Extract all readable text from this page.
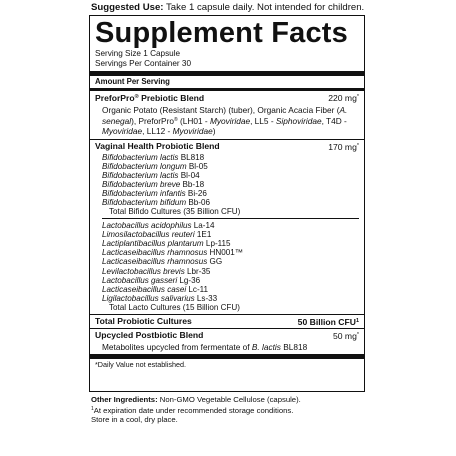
Suggested Use: Take 1 capsule daily. Not intended for children.
Supplement Facts
Serving Size 1 Capsule
Servings Per Container 30
Amount Per Serving
PreforPro® Prebiotic Blend	220 mg*
Organic Potato (Resistant Starch) (tuber), Organic Acacia Fiber (A. senegal), PreforPro® (LH01 - Myoviridae, LL5 - Siphoviridae, T4D - Myoviridae, LL12 - Myoviridae)
Vaginal Health Probiotic Blend	170 mg*
Bifidobacterium lactis BL818
Bifidobacterium longum Bl-05
Bifidobacterium lactis Bl-04
Bifidobacterium breve Bb-18
Bifidobacterium infantis Bi-26
Bifidobacterium bifidum Bb-06
Total Bifido Cultures (35 Billion CFU)
Lactobacillus acidophilus La-14
Limosilactobacillus reuteri 1E1
Lactiplantibacillus plantarum Lp-115
Lacticaseibacillus rhamnosus HN001™
Lacticaseibacillus rhamnosus GG
Levilactobacillus brevis Lbr-35
Lactobacillus gasseri Lg-36
Lacticaseibacillus casei Lc-11
Ligilactobacillus salivarius Ls-33
Total Lacto Cultures (15 Billion CFU)
Total Probiotic Cultures	50 Billion CFU$^1$
Upcycled Postbiotic Blend	50 mg*
Metabolites upcycled from fermentate of B. lactis BL818
*Daily Value not established.

Other Ingredients: Non-GMO Vegetable Cellulose (capsule).

$^1$At expiration date under recommended storage conditions.

Store in a cool, dry place.
